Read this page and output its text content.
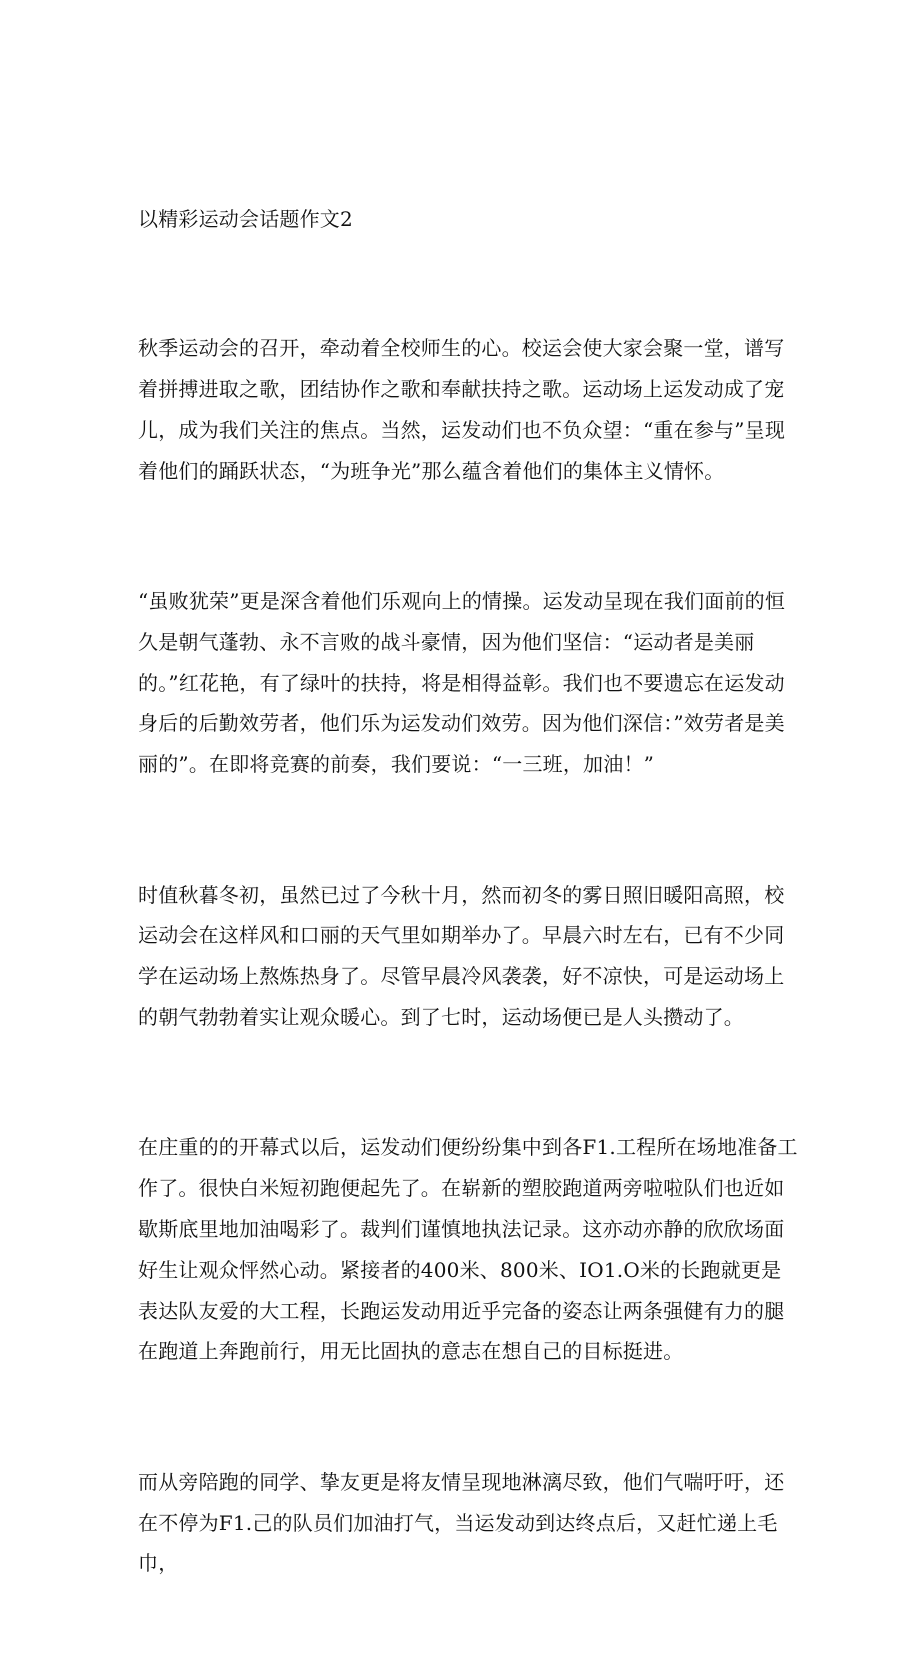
以精彩运动会话题作文2

秋季运动会的召开，牵动着全校师生的心。校运会使大家会聚一堂，谱写着拼搏进取之歌，团结协作之歌和奉献扶持之歌。运动场上运发动成了宠儿，成为我们关注的焦点。当然，运发动们也不负众望：“重在参与”呈现着他们的踊跃状态，“为班争光”那么蕴含着他们的集体主义情怀。

“虽败犹荣”更是深含着他们乐观向上的情操。运发动呈现在我们面前的恒久是朝气蓬勃、永不言败的战斗豪情，因为他们坚信：“运动者是美丽的。”红花艳，有了绿叶的扶持，将是相得益彰。我们也不要遗忘在运发动身后的后勤效劳者，他们乐为运发动们效劳。因为他们深信：”效劳者是美丽的”。在即将竞赛的前奏，我们要说：“一三班，加油！”

时值秋暮冬初，虽然已过了今秋十月，然而初冬的雾日照旧暖阳高照，校运动会在这样风和口丽的天气里如期举办了。早晨六时左右，已有不少同学在运动场上熬炼热身了。尽管早晨冷风袭袭，好不凉快，可是运动场上的朝气勃勃着实让观众暖心。到了七时，运动场便已是人头攒动了。

在庄重的的开幕式以后，运发动们便纷纷集中到各F1.工程所在场地准备工作了。很快白米短初跑便起先了。在崭新的塑胶跑道两旁啦啦队们也近如歇斯底里地加油喝彩了。裁判们谨慎地执法记录。这亦动亦静的欣欣场面好生让观众怦然心动。紧接者的400米、800米、IO1.O米的长跑就更是表达队友爱的大工程，长跑运发动用近乎完备的姿态让两条强健有力的腿在跑道上奔跑前行，用无比固执的意志在想自己的目标挺进。

而从旁陪跑的同学、挚友更是将友情呈现地淋漓尽致，他们气喘吁吁，还在不停为F1.己的队员们加油打气，当运发动到达终点后，又赶忙递上毛巾，
